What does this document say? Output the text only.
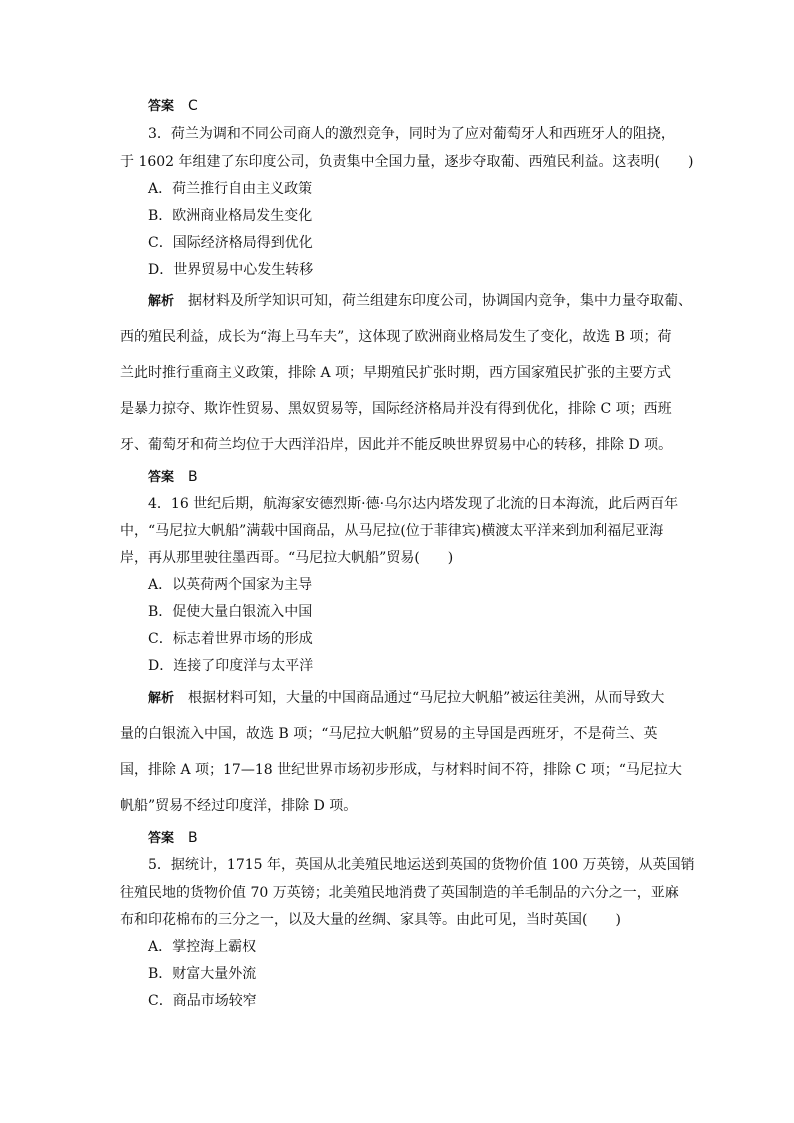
答案 C
3．荷兰为调和不同公司商人的激烈竞争，同时为了应对葡萄牙人和西班牙人的阻挠，
于 1602 年组建了东印度公司，负责集中全国力量，逐步夺取葡、西殖民利益。这表明(　　)
A．荷兰推行自由主义政策
B．欧洲商业格局发生变化
C．国际经济格局得到优化
D．世界贸易中心发生转移
解析 据材料及所学知识可知，荷兰组建东印度公司，协调国内竞争，集中力量夺取葡、
西的殖民利益，成长为“海上马车夫”，这体现了欧洲商业格局发生了变化，故选 B 项；荷
兰此时推行重商主义政策，排除 A 项；早期殖民扩张时期，西方国家殖民扩张的主要方式
是暴力掠夺、欺诈性贸易、黑奴贸易等，国际经济格局并没有得到优化，排除 C 项；西班
牙、葡萄牙和荷兰均位于大西洋沿岸，因此并不能反映世界贸易中心的转移，排除 D 项。
答案 B
4．16 世纪后期，航海家安德烈斯·德·乌尔达内塔发现了北流的日本海流，此后两百年
中，“马尼拉大帆船”满载中国商品，从马尼拉(位于菲律宾)横渡太平洋来到加利福尼亚海
岸，再从那里驶往墨西哥。“马尼拉大帆船”贸易(　　)
A．以英荷两个国家为主导
B．促使大量白银流入中国
C．标志着世界市场的形成
D．连接了印度洋与太平洋
解析 根据材料可知，大量的中国商品通过“马尼拉大帆船”被运往美洲，从而导致大
量的白银流入中国，故选 B 项；“马尼拉大帆船”贸易的主导国是西班牙，不是荷兰、英
国，排除 A 项；17—18 世纪世界市场初步形成，与材料时间不符，排除 C 项；“马尼拉大
帆船”贸易不经过印度洋，排除 D 项。
答案 B
5．据统计，1715 年，英国从北美殖民地运送到英国的货物价值 100 万英镑，从英国销
往殖民地的货物价值 70 万英镑；北美殖民地消费了英国制造的羊毛制品的六分之一，亚麻
布和印花棉布的三分之一，以及大量的丝绸、家具等。由此可见，当时英国(　　)
A．掌控海上霸权
B．财富大量外流
C．商品市场较窄
